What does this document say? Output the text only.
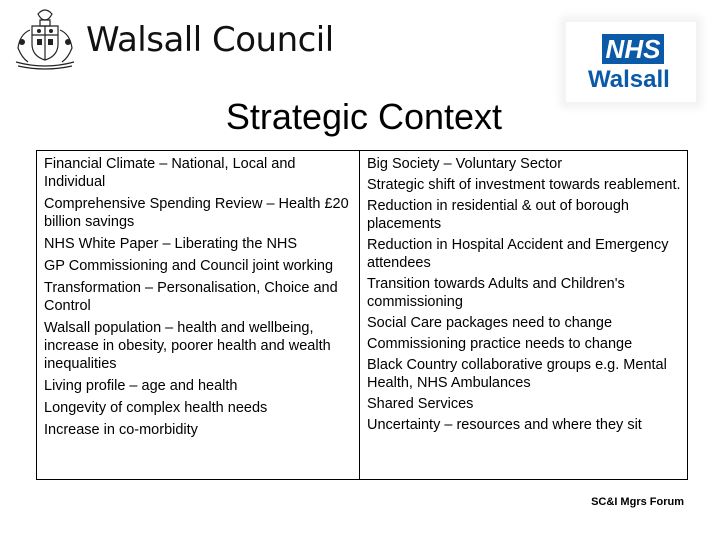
Walsall Council	NHS
Walsall
Strategic Context
Financial Climate – National, Local and Individual
Comprehensive Spending Review – Health £20 billion savings
NHS White Paper – Liberating the NHS
GP Commissioning and Council joint working
Transformation – Personalisation, Choice and Control
Walsall population – health and wellbeing, increase in obesity, poorer health and wealth inequalities
Living profile – age and health
Longevity of complex health needs
Increase in co-morbidity
Big Society – Voluntary Sector
Strategic shift of investment towards reablement.
Reduction in residential & out of borough placements
Reduction in Hospital Accident and Emergency attendees
Transition towards Adults and Children's commissioning
Social Care packages need to change
Commissioning practice needs to change
Black Country collaborative groups e.g. Mental Health, NHS Ambulances
Shared Services
Uncertainty – resources and where they sit
SC&I Mgrs Forum
